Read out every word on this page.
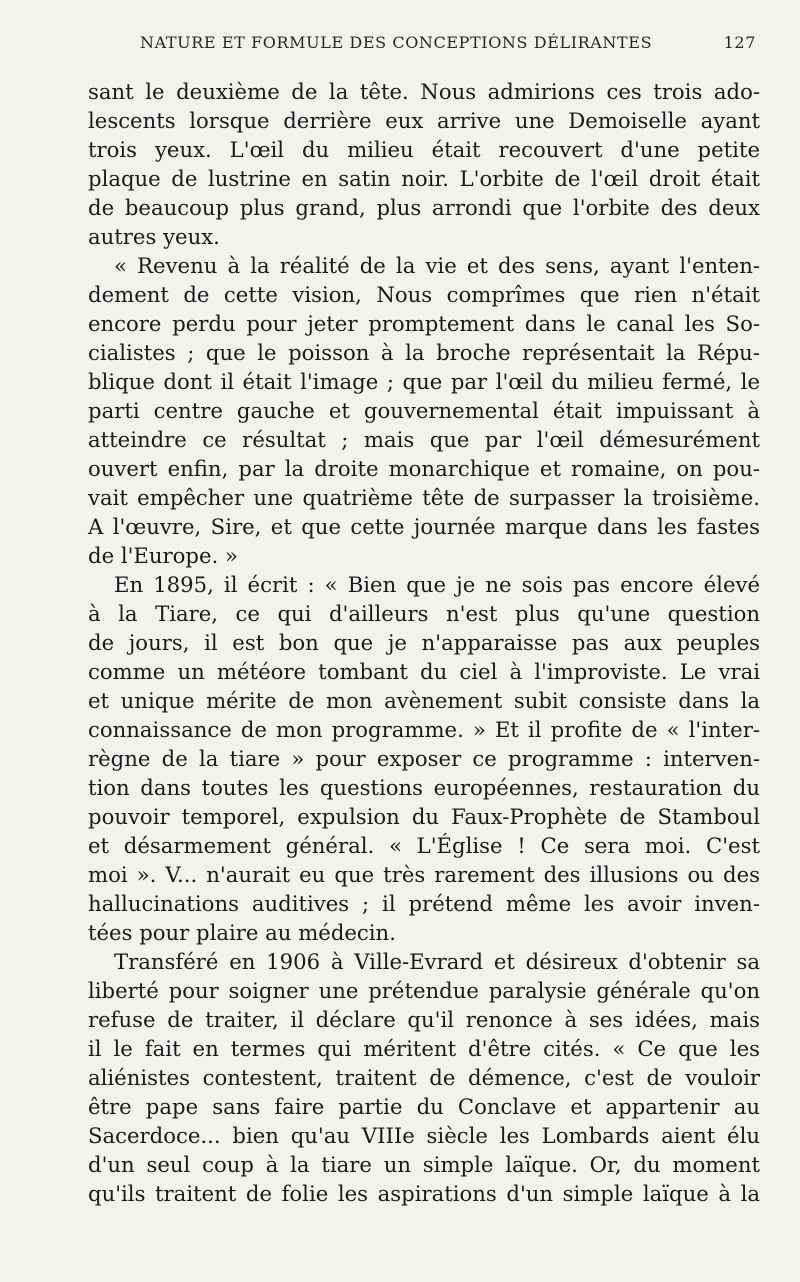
NATURE ET FORMULE DES CONCEPTIONS DÉLIRANTES	127
sant le deuxième de la tête. Nous admirions ces trois ado-
lescents lorsque derrière eux arrive une Demoiselle ayant
trois yeux. L'œil du milieu était recouvert d'une petite
plaque de lustrine en satin noir. L'orbite de l'œil droit était
de beaucoup plus grand, plus arrondi que l'orbite des deux
autres yeux.
« Revenu à la réalité de la vie et des sens, ayant l'enten-
dement de cette vision, Nous comprîmes que rien n'était
encore perdu pour jeter promptement dans le canal les So-
cialistes ; que le poisson à la broche représentait la Répu-
blique dont il était l'image ; que par l'œil du milieu fermé, le
parti centre gauche et gouvernemental était impuissant à
atteindre ce résultat ; mais que par l'œil démesurément
ouvert enfin, par la droite monarchique et romaine, on pou-
vait empêcher une quatrième tête de surpasser la troisième.
A l'œuvre, Sire, et que cette journée marque dans les fastes
de l'Europe. »
En 1895, il écrit : « Bien que je ne sois pas encore élevé
à la Tiare, ce qui d'ailleurs n'est plus qu'une question
de jours, il est bon que je n'apparaisse pas aux peuples
comme un météore tombant du ciel à l'improviste. Le vrai
et unique mérite de mon avènement subit consiste dans la
connaissance de mon programme. » Et il profite de « l'inter-
règne de la tiare » pour exposer ce programme : interven-
tion dans toutes les questions européennes, restauration du
pouvoir temporel, expulsion du Faux-Prophète de Stamboul
et désarmement général. « L'Église ! Ce sera moi. C'est
moi ». V... n'aurait eu que très rarement des illusions ou des
hallucinations auditives ; il prétend même les avoir inven-
tées pour plaire au médecin.
Transféré en 1906 à Ville-Evrard et désireux d'obtenir sa
liberté pour soigner une prétendue paralysie générale qu'on
refuse de traiter, il déclare qu'il renonce à ses idées, mais
il le fait en termes qui méritent d'être cités. « Ce que les
aliénistes contestent, traitent de démence, c'est de vouloir
être pape sans faire partie du Conclave et appartenir au
Sacerdoce... bien qu'au VIIIe siècle les Lombards aient élu
d'un seul coup à la tiare un simple laïque. Or, du moment
qu'ils traitent de folie les aspirations d'un simple laïque à la
